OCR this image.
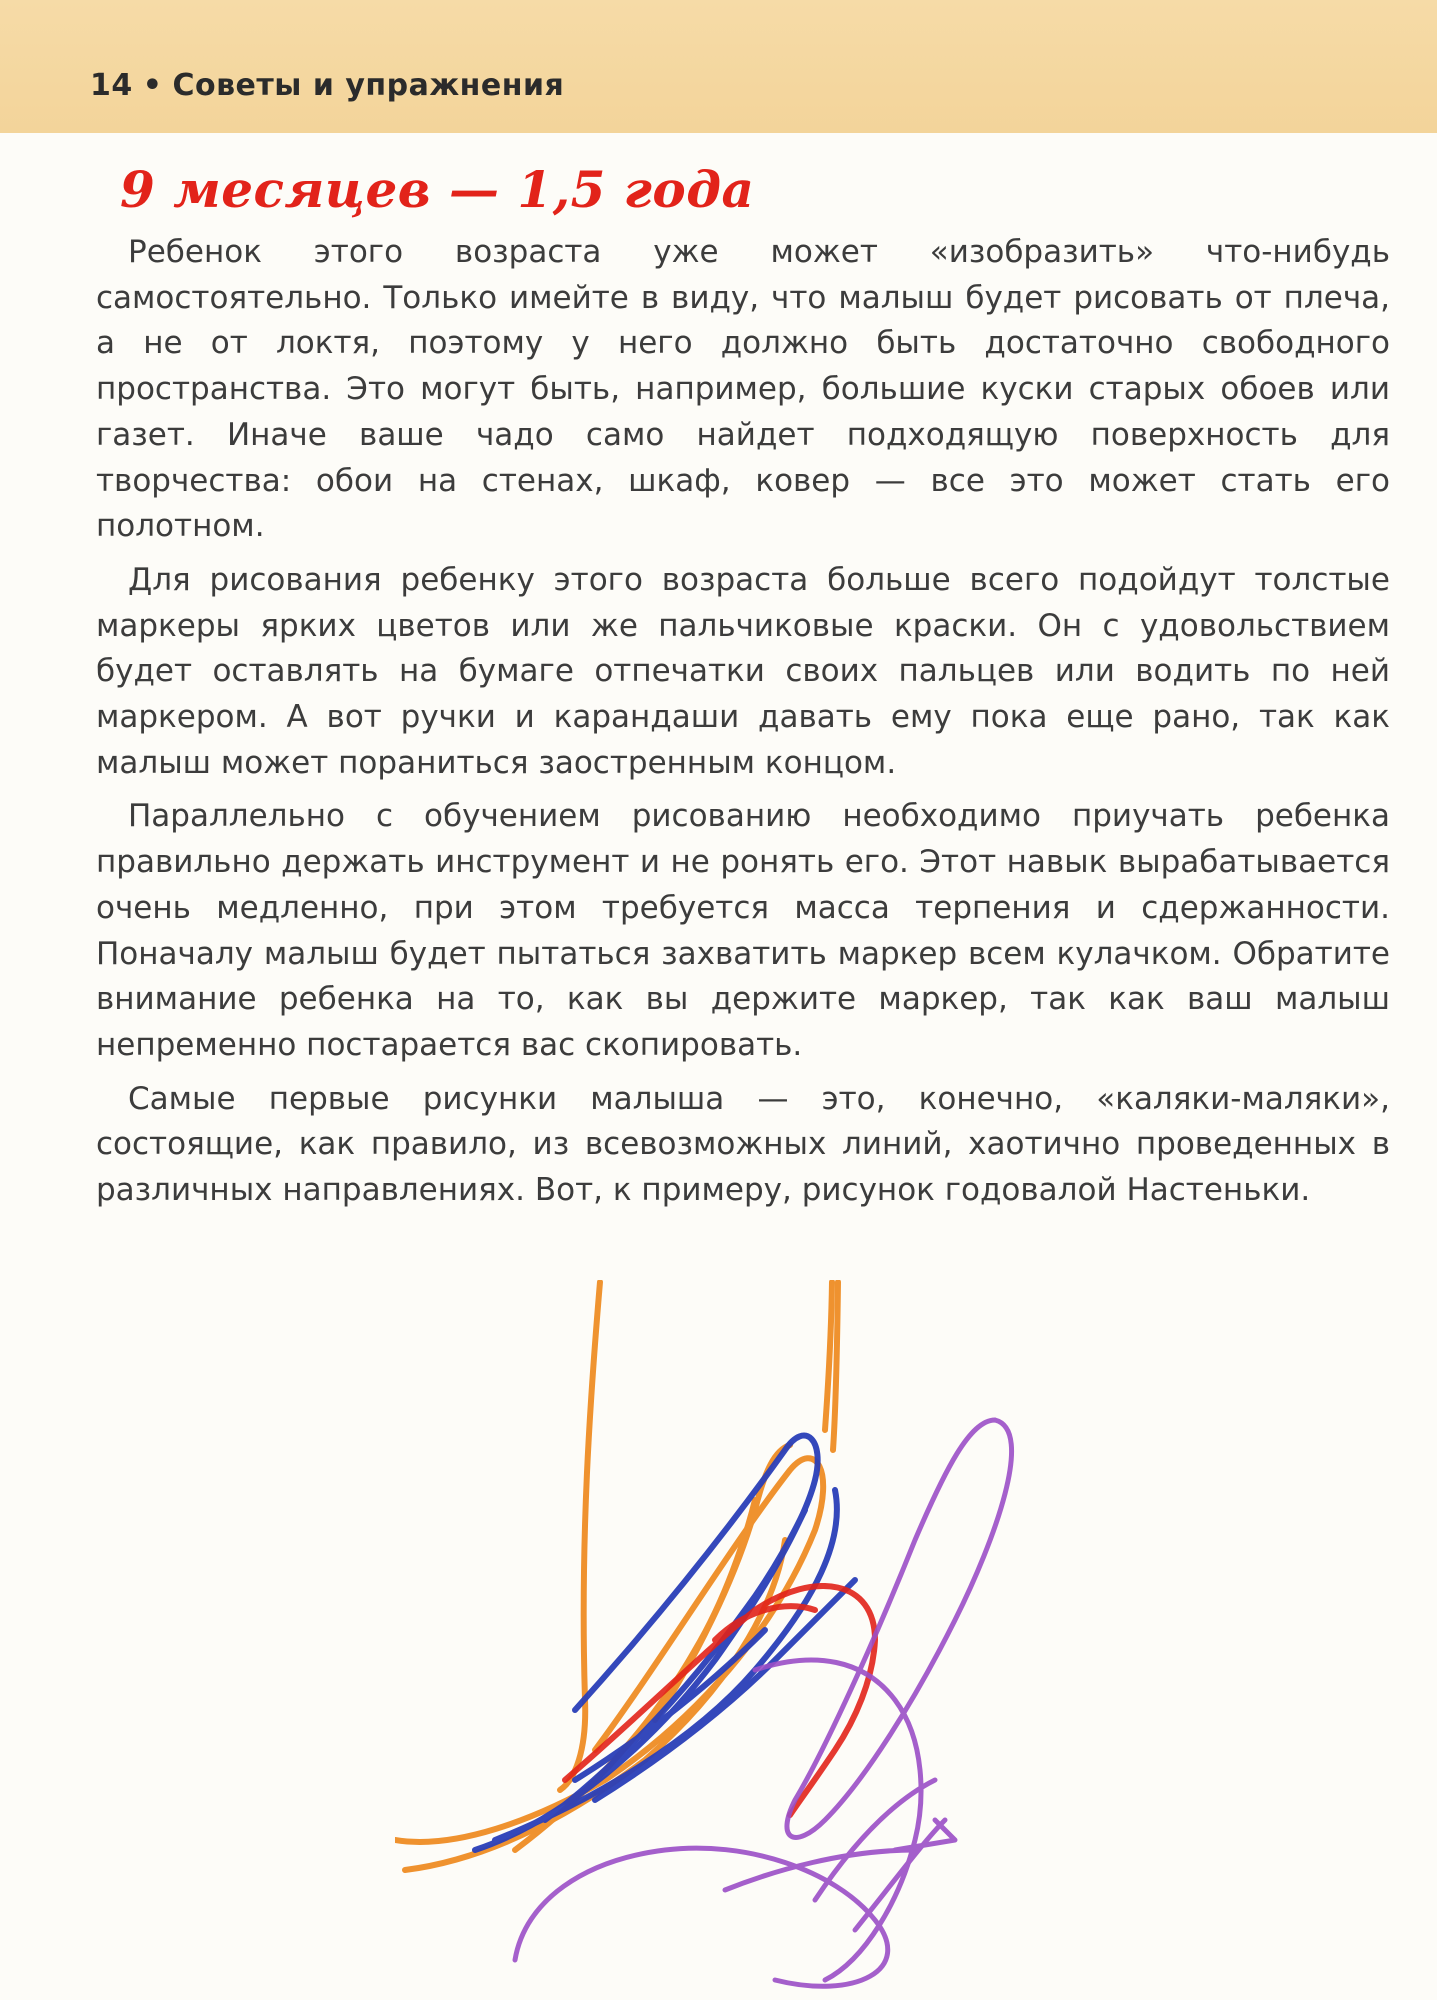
14 • Советы и упражнения
9 месяцев — 1,5 года

Ребенок этого возраста уже может «изобразить» что-нибудь самостоятельно. Только имейте в виду, что малыш будет рисовать от плеча, а не от локтя, поэтому у него должно быть достаточно свободного пространства. Это могут быть, например, большие куски старых обоев или газет. Иначе ваше чадо само найдет подходящую поверхность для творчества: обои на стенах, шкаф, ковер — все это может стать его полотном.

Для рисования ребенку этого возраста больше всего подойдут толстые маркеры ярких цветов или же пальчиковые краски. Он с удовольствием будет оставлять на бумаге отпечатки своих пальцев или водить по ней маркером. А вот ручки и карандаши давать ему пока еще рано, так как малыш может пораниться заостренным концом.

Параллельно с обучением рисованию необходимо приучать ребенка правильно держать инструмент и не ронять его. Этот навык вырабатывается очень медленно, при этом требуется масса терпения и сдержанности. Поначалу малыш будет пытаться захватить маркер всем кулачком. Обратите внимание ребенка на то, как вы держите маркер, так как ваш малыш непременно постарается вас скопировать.

Самые первые рисунки малыша — это, конечно, «каляки-маляки», состоящие, как правило, из всевозможных линий, хаотично проведенных в различных направлениях. Вот, к примеру, рисунок годовалой Настеньки.
